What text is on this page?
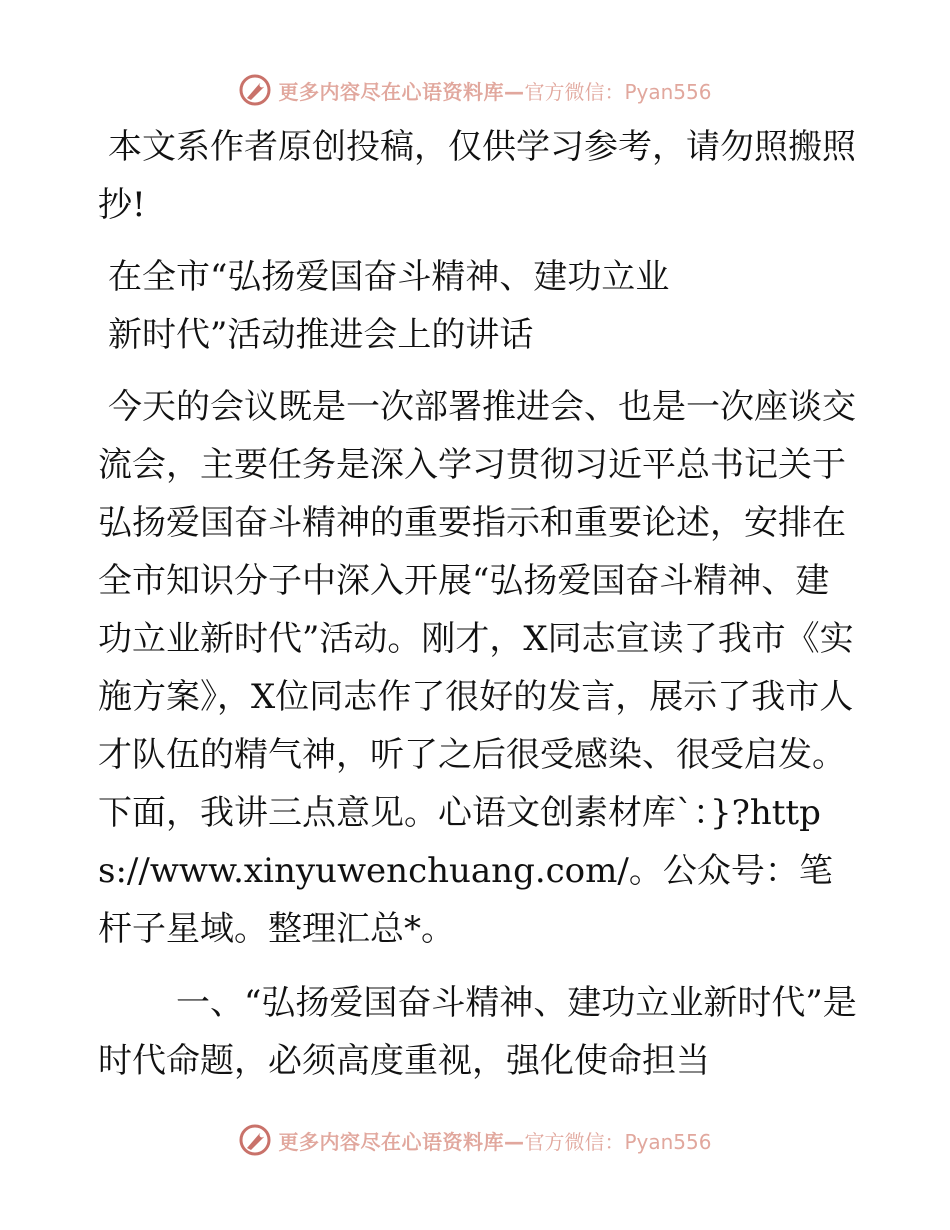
更多内容尽在心语资料库— 官方微信：Pyan556

本文系作者原创投稿，仅供学习参考，请勿照搬照抄!

在全市“弘扬爱国奋斗精神、建功立业

新时代”活动推进会上的讲话

今天的会议既是一次部署推进会、也是一次座谈交流会，主要任务是深入学习贯彻习近平总书记关于弘扬爱国奋斗精神的重要指示和重要论述，安排在全市知识分子中深入开展“弘扬爱国奋斗精神、建功立业新时代”活动。刚才，X同志宣读了我市《实施方案》，X位同志作了很好的发言，展示了我市人才队伍的精气神，听了之后很受感染、很受启发。下面，我讲三点意见。心语文创素材库`：}?https://www.xinyuwenchuang.com/。公众号：笔杆子星域。整理汇总*。

一、“弘扬爱国奋斗精神、建功立业新时代”是时代命题，必须高度重视，强化使命担当

更多内容尽在心语资料库— 官方微信：Pyan556
